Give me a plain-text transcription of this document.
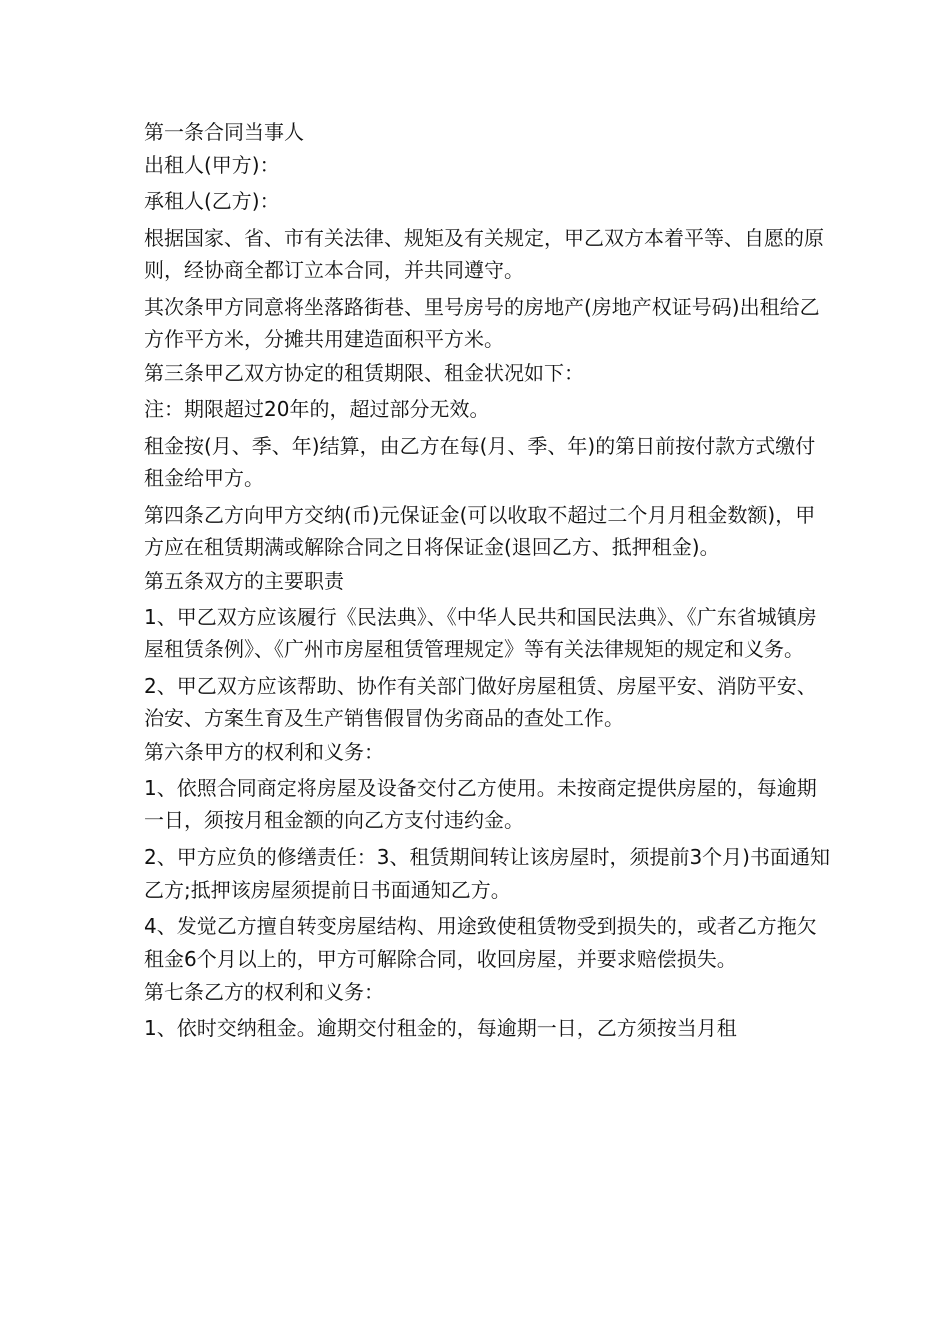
第一条合同当事人

出租人(甲方)：

承租人(乙方)：

根据国家、省、市有关法律、规矩及有关规定，甲乙双方本着平等、自愿的原则，经协商全都订立本合同，并共同遵守。

其次条甲方同意将坐落路街巷、里号房号的房地产(房地产权证号码)出租给乙方作平方米，分摊共用建造面积平方米。

第三条甲乙双方协定的租赁期限、租金状况如下：

注：期限超过20年的，超过部分无效。

租金按(月、季、年)结算，由乙方在每(月、季、年)的第日前按付款方式缴付租金给甲方。

第四条乙方向甲方交纳(币)元保证金(可以收取不超过二个月月租金数额)，甲方应在租赁期满或解除合同之日将保证金(退回乙方、抵押租金)。

第五条双方的主要职责

1、甲乙双方应该履行《民法典》、《中华人民共和国民法典》、《广东省城镇房屋租赁条例》、《广州市房屋租赁管理规定》等有关法律规矩的规定和义务。

2、甲乙双方应该帮助、协作有关部门做好房屋租赁、房屋平安、消防平安、治安、方案生育及生产销售假冒伪劣商品的查处工作。

第六条甲方的权利和义务：

1、依照合同商定将房屋及设备交付乙方使用。未按商定提供房屋的，每逾期一日，须按月租金额的向乙方支付违约金。

2、甲方应负的修缮责任：3、租赁期间转让该房屋时，须提前3个月)书面通知乙方;抵押该房屋须提前日书面通知乙方。

4、发觉乙方擅自转变房屋结构、用途致使租赁物受到损失的，或者乙方拖欠租金6个月以上的，甲方可解除合同，收回房屋，并要求赔偿损失。

第七条乙方的权利和义务：

1、依时交纳租金。逾期交付租金的，每逾期一日，乙方须按当月租
